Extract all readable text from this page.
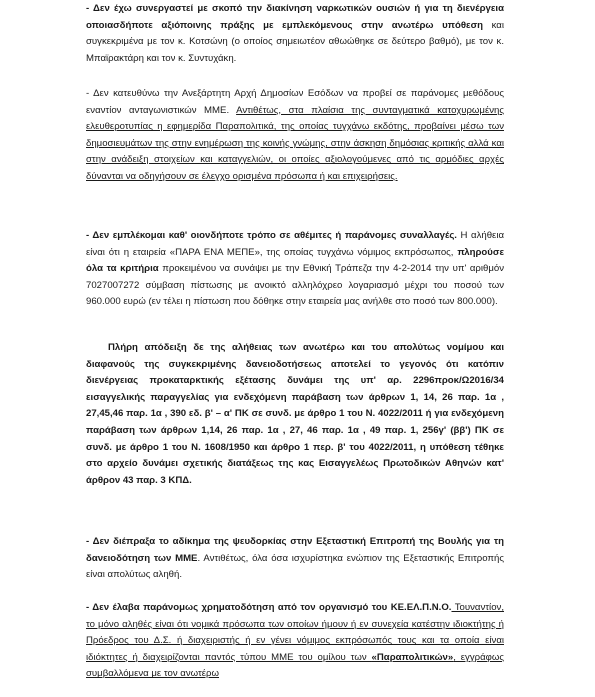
- Δεν έχω συνεργαστεί με σκοπό την διακίνηση ναρκωτικών ουσιών ή για τη διενέργεια οποιασδήποτε αξιόποινης πράξης με εμπλεκόμενους στην ανωτέρω υπόθεση και συγκεκριμένα με τον κ. Κοτσώνη (ο οποίος σημειωτέον αθωώθηκε σε δεύτερο βαθμό), με τον κ. Μπαϊρακτάρη και τον κ. Συντυχάκη.

- Δεν κατευθύνω την Ανεξάρτητη Αρχή Δημοσίων Εσόδων να προβεί σε παράνομες μεθόδους εναντίον ανταγωνιστικών ΜΜΕ. Αντιθέτως, στα πλαίσια της συνταγματικά κατοχυρωμένης ελευθεροτυπίας η εφημερίδα Παραπολιτικά, της οποίας τυγχάνω εκδότης, προβαίνει μέσω των δημοσιευμάτων της στην ενημέρωση της κοινής γνώμης, στην άσκηση δημόσιας κριτικής αλλά και στην ανάδειξη στοιχείων και καταγγελιών, οι οποίες αξιολογούμενες από τις αρμόδιες αρχές δύνανται να οδηγήσουν σε έλεγχο ορισμένα πρόσωπα ή και επιχειρήσεις.

- Δεν εμπλέκομαι καθ' οιονδήποτε τρόπο σε αθέμιτες ή παράνομες συναλλαγές. Η αλήθεια είναι ότι η εταιρεία «ΠΑΡΑ ΕΝΑ ΜΕΠΕ», της οποίας τυγχάνω νόμιμος εκπρόσωπος, πληρούσε όλα τα κριτήρια προκειμένου να συνάψει με την Εθνική Τράπεζα την 4-2-2014 την υπ' αριθμόν 7027007272 σύμβαση πίστωσης με ανοικτό αλληλόχρεο λογαριασμό μέχρι του ποσού των 960.000 ευρώ (εν τέλει η πίστωση που δόθηκε στην εταιρεία μας ανήλθε στο ποσό των 800.000).

Πλήρη απόδειξη δε της αλήθειας των ανωτέρω και του απολύτως νομίμου και διαφανούς της συγκεκριμένης δανειοδοτήσεως αποτελεί το γεγονός ότι κατόπιν διενέργειας προκαταρκτικής εξέτασης δυνάμει της υπ' αρ. 2296προκ/Ω2016/34 εισαγγελικής παραγγελίας για ενδεχόμενη παράβαση των άρθρων 1, 14, 26 παρ. 1α , 27,45,46 παρ. 1α , 390 εδ. β' – α' ΠΚ σε συνδ. με άρθρο 1 του Ν. 4022/2011 ή για ενδεχόμενη παράβαση των άρθρων 1,14, 26 παρ. 1α , 27, 46 παρ. 1α , 49 παρ. 1, 256γ' (ββ') ΠΚ σε συνδ. με άρθρο 1 του Ν. 1608/1950 και άρθρο 1 περ. β' του 4022/2011, η υπόθεση τέθηκε στο αρχείο δυνάμει σχετικής διατάξεως της κας Εισαγγελέως Πρωτοδικών Αθηνών κατ' άρθρον 43 παρ. 3 ΚΠΔ.

- Δεν διέπραξα το αδίκημα της ψευδορκίας στην Εξεταστική Επιτροπή της Βουλής για τη δανειοδότηση των ΜΜΕ. Αντιθέτως, όλα όσα ισχυρίστηκα ενώπιον της Εξεταστικής Επιτροπής είναι απολύτως αληθή.

- Δεν έλαβα παράνομως χρηματοδότηση από τον οργανισμό του ΚΕ.ΕΛ.Π.Ν.Ο. Τουναντίον, το μόνο αληθές είναι ότι νομικά πρόσωπα των οποίων ήμουν ή εν συνεχεία κατέστην ιδιοκτήτης ή Πρόεδρος του Δ.Σ. ή διαχειριστής ή εν γένει νόμιμος εκπρόσωπός τους και τα οποία είναι ιδιόκτητες ή διαχειρίζονται παντός τύπου ΜΜΕ του ομίλου των «Παραπολιτικών», εγγράφως συμβαλλόμενα με τον ανωτέρω
